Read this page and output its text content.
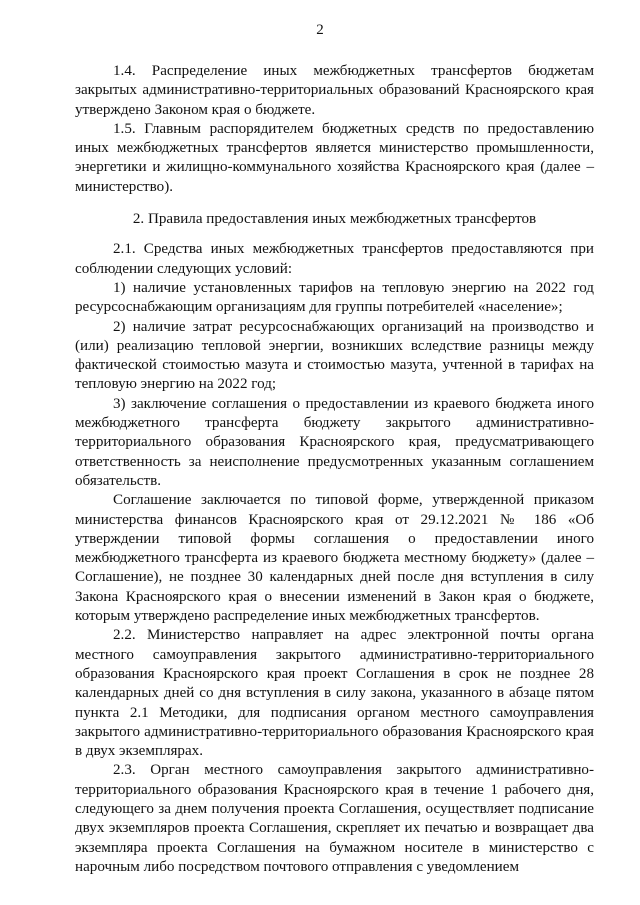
2

1.4. Распределение иных межбюджетных трансфертов бюджетам закрытых административно-территориальных образований Красноярского края утверждено Законом края о бюджете.

1.5. Главным распорядителем бюджетных средств по предоставлению иных межбюджетных трансфертов является министерство промышленности, энергетики и жилищно-коммунального хозяйства Красноярского края (далее – министерство).

2. Правила предоставления иных межбюджетных трансфертов

2.1. Средства иных межбюджетных трансфертов предоставляются при соблюдении следующих условий:

1) наличие установленных тарифов на тепловую энергию на 2022 год ресурсоснабжающим организациям для группы потребителей «население»;

2) наличие затрат ресурсоснабжающих организаций на производство и (или) реализацию тепловой энергии, возникших вследствие разницы между фактической стоимостью мазута и стоимостью мазута, учтенной в тарифах на тепловую энергию на 2022 год;

3) заключение соглашения о предоставлении из краевого бюджета иного межбюджетного трансферта бюджету закрытого административно-территориального образования Красноярского края, предусматривающего ответственность за неисполнение предусмотренных указанным соглашением обязательств.

Соглашение заключается по типовой форме, утвержденной приказом министерства финансов Красноярского края от 29.12.2021 № 186 «Об утверждении типовой формы соглашения о предоставлении иного межбюджетного трансферта из краевого бюджета местному бюджету» (далее – Соглашение), не позднее 30 календарных дней после дня вступления в силу Закона Красноярского края о внесении изменений в Закон края о бюджете, которым утверждено распределение иных межбюджетных трансфертов.

2.2. Министерство направляет на адрес электронной почты органа местного самоуправления закрытого административно-территориального образования Красноярского края проект Соглашения в срок не позднее 28 календарных дней со дня вступления в силу закона, указанного в абзаце пятом пункта 2.1 Методики, для подписания органом местного самоуправления закрытого административно-территориального образования Красноярского края в двух экземплярах.

2.3. Орган местного самоуправления закрытого административно-территориального образования Красноярского края в течение 1 рабочего дня, следующего за днем получения проекта Соглашения, осуществляет подписание двух экземпляров проекта Соглашения, скрепляет их печатью и возвращает два экземпляра проекта Соглашения на бумажном носителе в министерство с нарочным либо посредством почтового отправления с уведомлением
